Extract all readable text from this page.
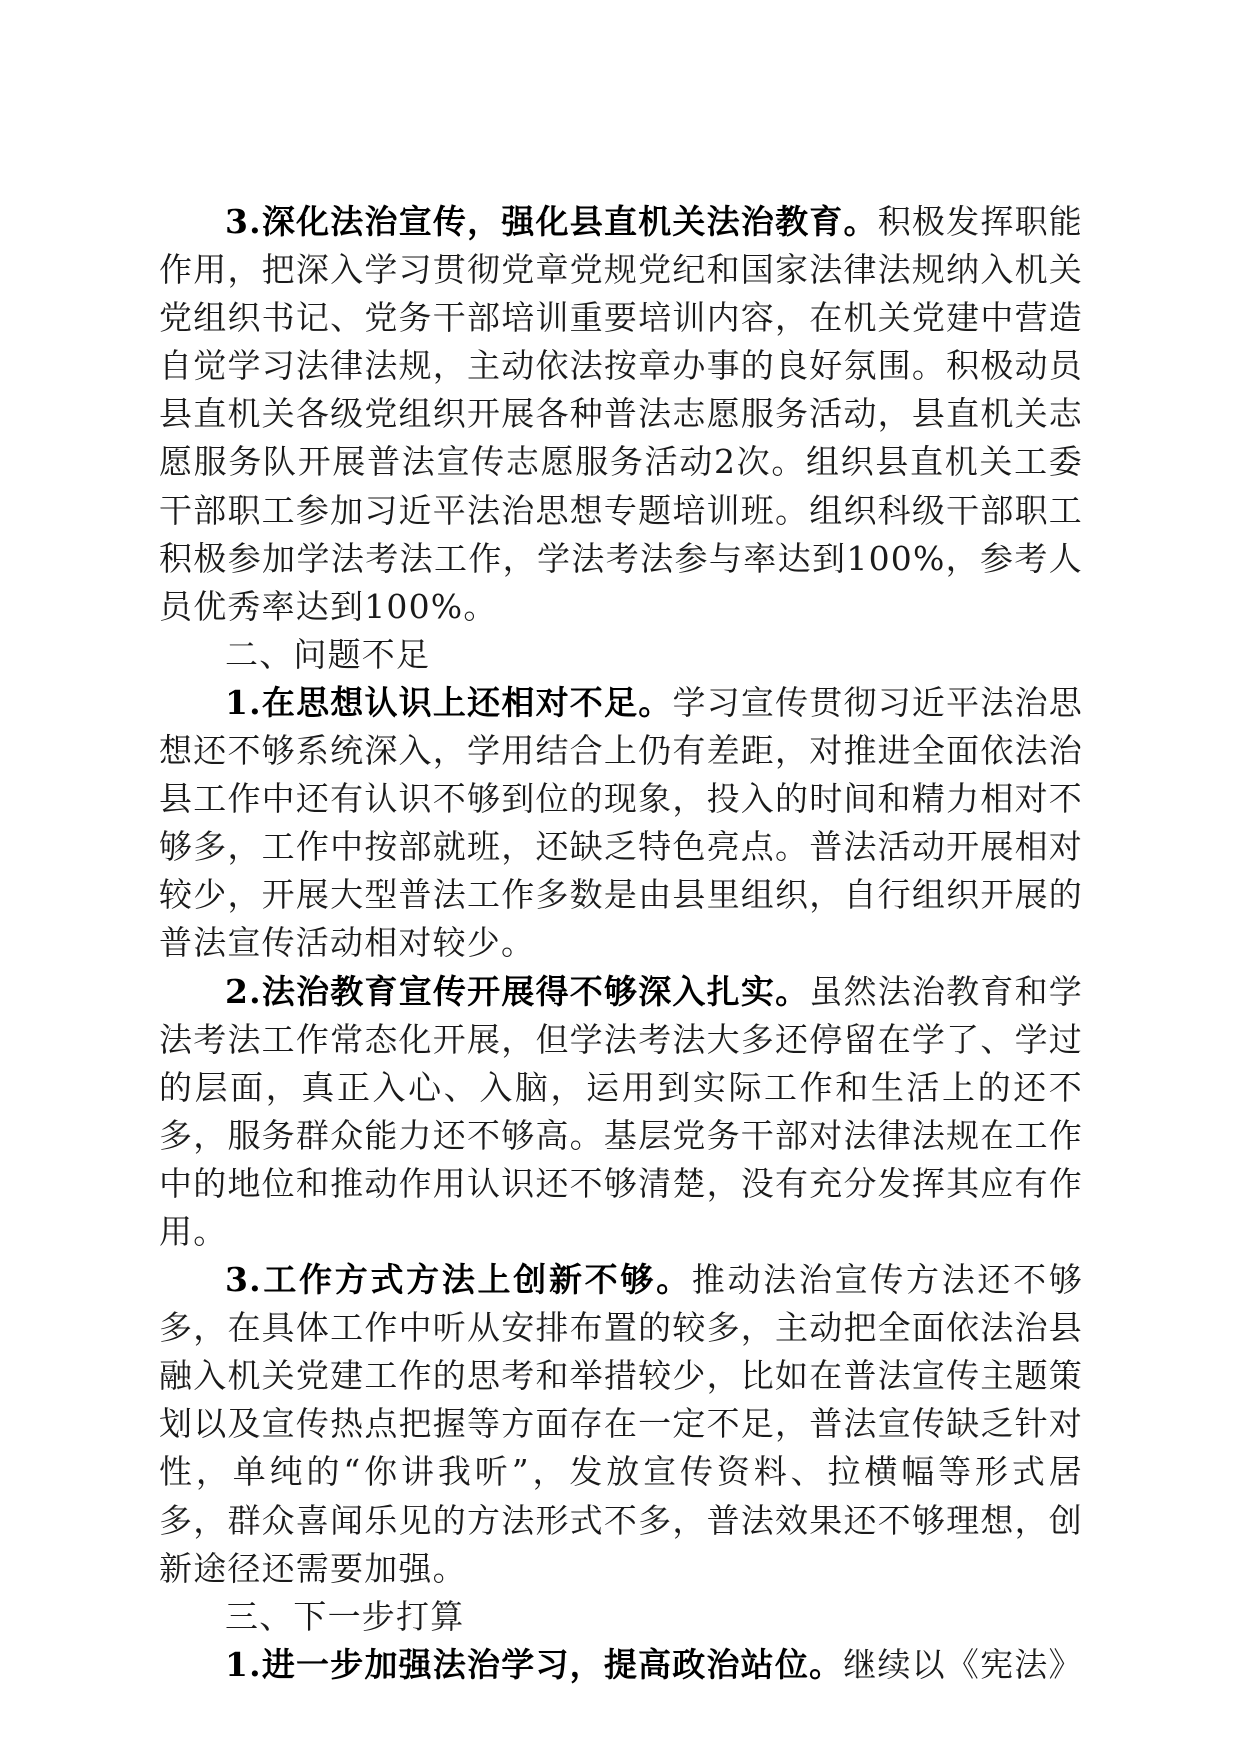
3.深化法治宣传，强化县直机关法治教育。积极发挥职能作用，把深入学习贯彻党章党规党纪和国家法律法规纳入机关党组织书记、党务干部培训重要培训内容，在机关党建中营造自觉学习法律法规，主动依法按章办事的良好氛围。积极动员县直机关各级党组织开展各种普法志愿服务活动，县直机关志愿服务队开展普法宣传志愿服务活动2次。组织县直机关工委干部职工参加习近平法治思想专题培训班。组织科级干部职工积极参加学法考法工作，学法考法参与率达到100%，参考人员优秀率达到100%。

二、问题不足

1.在思想认识上还相对不足。学习宣传贯彻习近平法治思想还不够系统深入，学用结合上仍有差距，对推进全面依法治县工作中还有认识不够到位的现象，投入的时间和精力相对不够多，工作中按部就班，还缺乏特色亮点。普法活动开展相对较少，开展大型普法工作多数是由县里组织，自行组织开展的普法宣传活动相对较少。

2.法治教育宣传开展得不够深入扎实。虽然法治教育和学法考法工作常态化开展，但学法考法大多还停留在学了、学过的层面，真正入心、入脑，运用到实际工作和生活上的还不多，服务群众能力还不够高。基层党务干部对法律法规在工作中的地位和推动作用认识还不够清楚，没有充分发挥其应有作用。

3.工作方式方法上创新不够。推动法治宣传方法还不够多，在具体工作中听从安排布置的较多，主动把全面依法治县融入机关党建工作的思考和举措较少，比如在普法宣传主题策划以及宣传热点把握等方面存在一定不足，普法宣传缺乏针对性，单纯的“你讲我听”，发放宣传资料、拉横幅等形式居多，群众喜闻乐见的方法形式不多，普法效果还不够理想，创新途径还需要加强。

三、下一步打算

1.进一步加强法治学习，提高政治站位。继续以《宪法》
